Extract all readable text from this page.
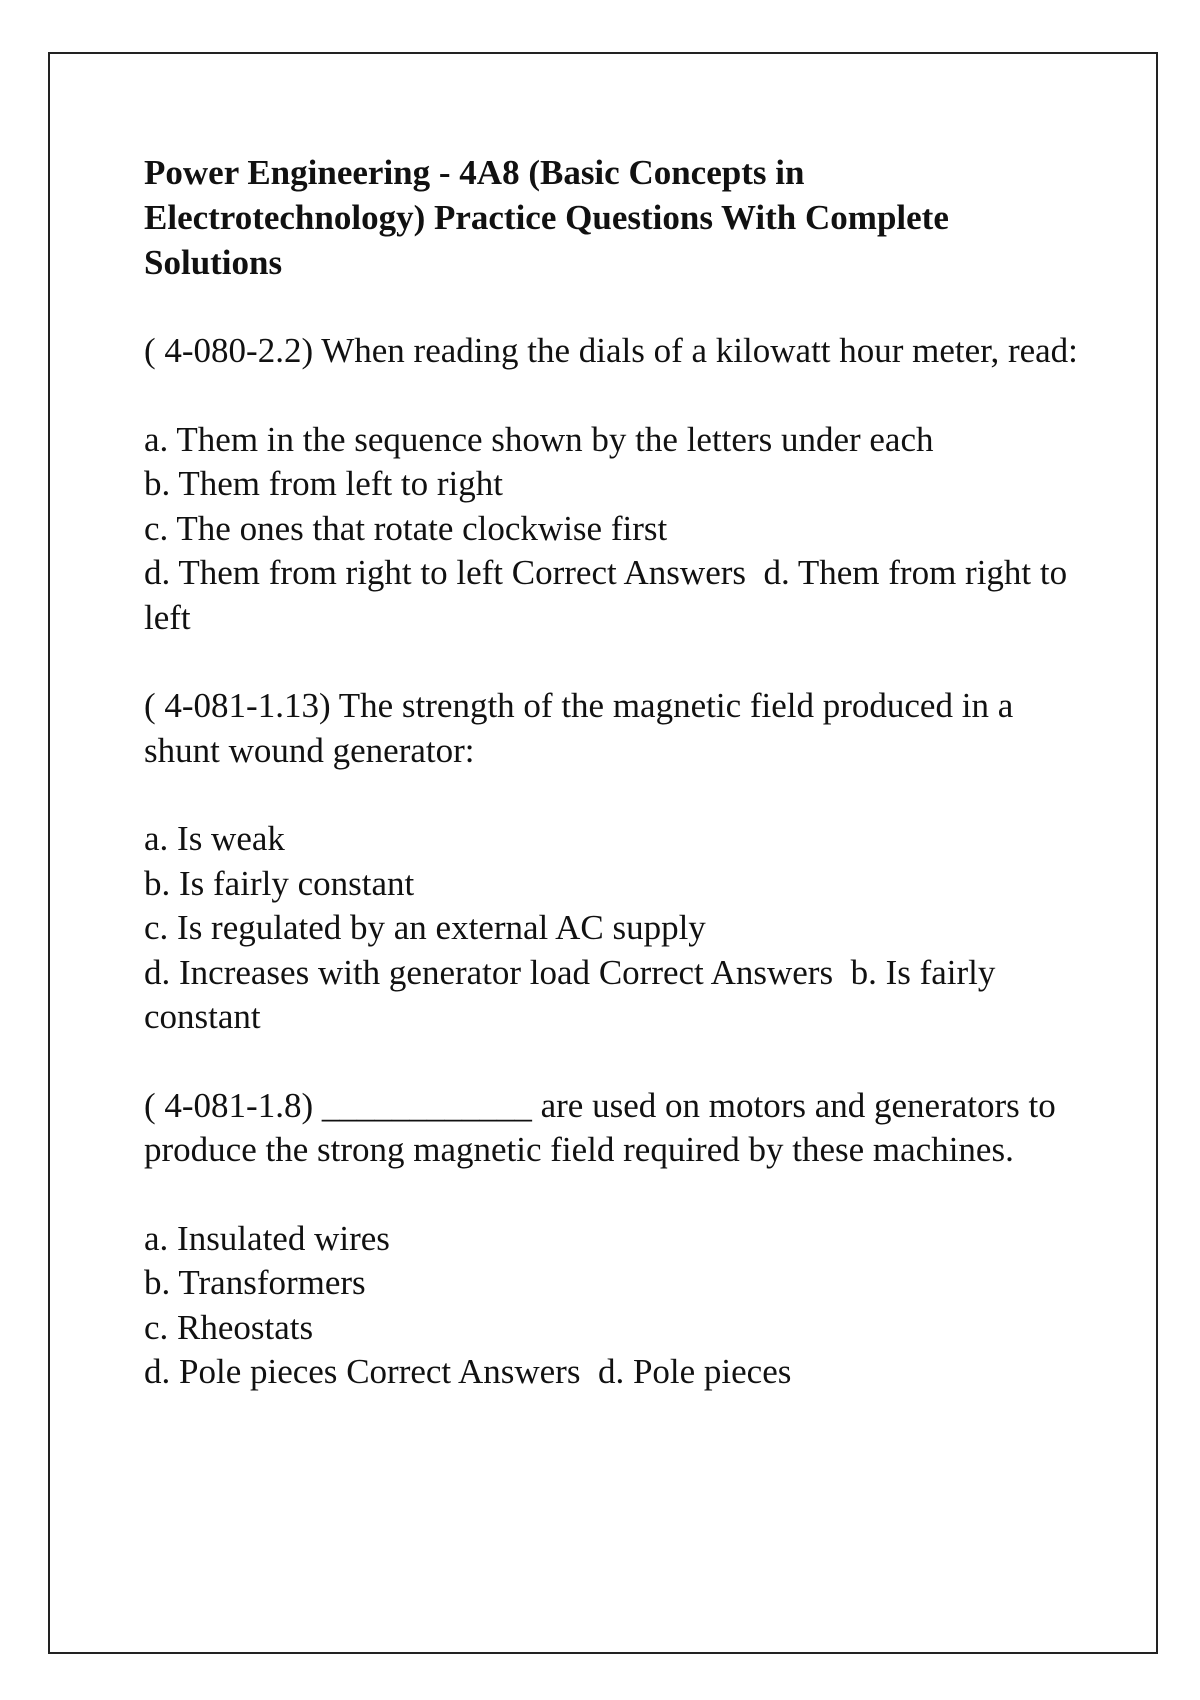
Power Engineering - 4A8 (Basic Concepts in Electrotechnology) Practice Questions With Complete Solutions

( 4-080-2.2) When reading the dials of a kilowatt hour meter, read:

a. Them in the sequence shown by the letters under each
b. Them from left to right
c. The ones that rotate clockwise first
d. Them from right to left Correct Answers  d. Them from right to left

( 4-081-1.13) The strength of the magnetic field produced in a shunt wound generator:

a. Is weak
b. Is fairly constant
c. Is regulated by an external AC supply
d. Increases with generator load Correct Answers  b. Is fairly constant

( 4-081-1.8) ____________ are used on motors and generators to produce the strong magnetic field required by these machines.

a. Insulated wires
b. Transformers
c. Rheostats
d. Pole pieces Correct Answers  d. Pole pieces
